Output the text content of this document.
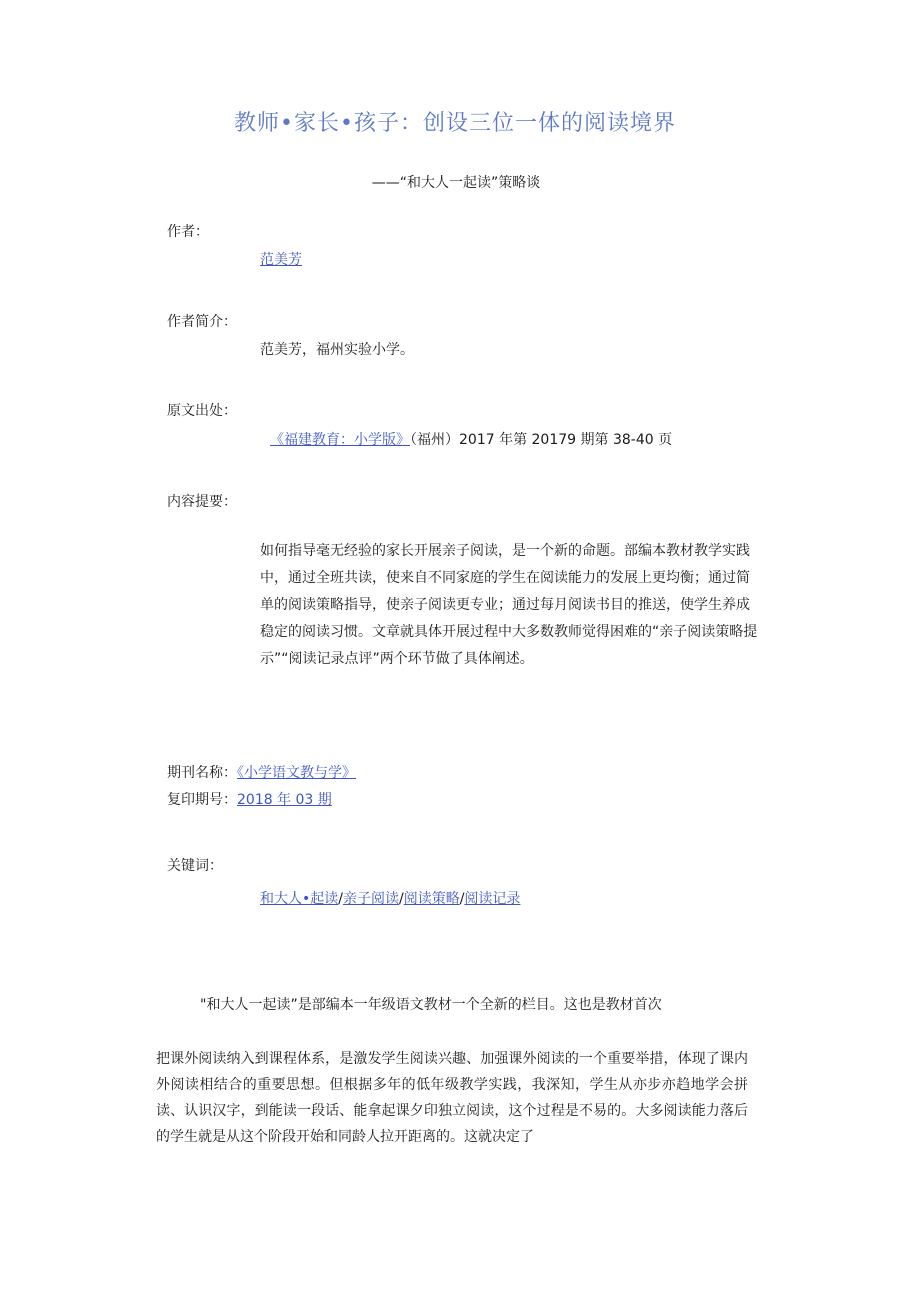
教师•家长•孩子：创设三位一体的阅读境界
——“和大人一起读”策略谈
作者：
范美芳
作者简介：
范美芳，福州实验小学。
原文出处：
《福建教育：小学版》（福州）2017 年第 20179 期第 38-40 页
内容提要：
如何指导毫无经验的家长开展亲子阅读，是一个新的命题。部编本教材教学实践中，通过全班共读，使来自不同家庭的学生在阅读能力的发展上更均衡；通过简单的阅读策略指导，使亲子阅读更专业；通过每月阅读书目的推送，使学生养成稳定的阅读习惯。文章就具体开展过程中大多数教师觉得困难的“亲子阅读策略提示”“阅读记录点评”两个环节做了具体阐述。
期刊名称：《小学语文教与学》
复印期号：2018 年 03 期
关键词：
和大人•起读/亲子阅读/阅读策略/阅读记录
"和大人一起读”是部编本一年级语文教材一个全新的栏目。这也是教材首次
把课外阅读纳入到课程体系，是激发学生阅读兴趣、加强课外阅读的一个重要举措，体现了课内外阅读相结合的重要思想。但根据多年的低年级教学实践，我深知，学生从亦步亦趋地学会拼读、认识汉字，到能读一段话、能拿起课夕印独立阅读，这个过程是不易的。大多阅读能力落后的学生就是从这个阶段开始和同龄人拉开距离的。这就决定了
